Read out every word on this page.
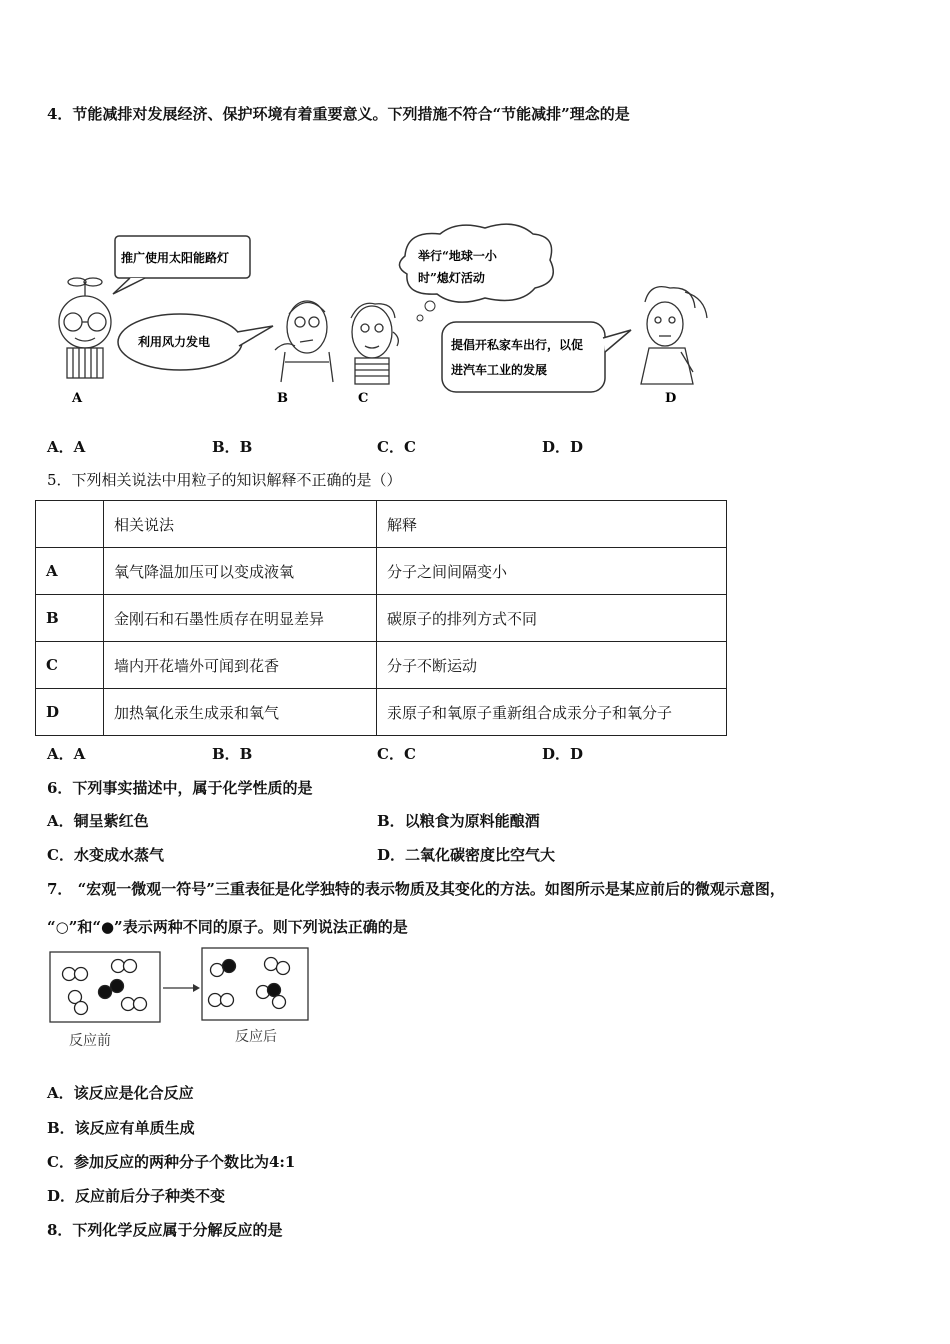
4．节能减排对发展经济、保护环境有着重要意义。下列措施不符合“节能减排”理念的是
推广使用太阳能路灯
A
利用风力发电
B	C
举行“地球一小
时”熄灯活动
提倡开私家车出行，以促
进汽车工业的发展
D
A．A	B．B	C．C	D．D
5．下列相关说法中用粒子的知识解释不正确的是（）
	相关说法	解释
A	氧气降温加压可以变成液氧	分子之间间隔变小
B	金刚石和石墨性质存在明显差异	碳原子的排列方式不同
C	墙内开花墙外可闻到花香	分子不断运动
D	加热氧化汞生成汞和氧气	汞原子和氧原子重新组合成汞分子和氧分子
A．A	B．B	C．C	D．D
6．下列事实描述中，属于化学性质的是
A．铜呈紫红色	B．以粮食为原料能酿酒
C．水变成水蒸气	D．二氧化碳密度比空气大
7． “宏观一微观一符号”三重表征是化学独特的表示物质及其变化的方法。如图所示是某应前后的微观示意图，
“○”和“●”表示两种不同的原子。则下列说法正确的是
反应前	反应后
A．该反应是化合反应
B．该反应有单质生成
C．参加反应的两种分子个数比为4:1
D．反应前后分子种类不变
8．下列化学反应属于分解反应的是
